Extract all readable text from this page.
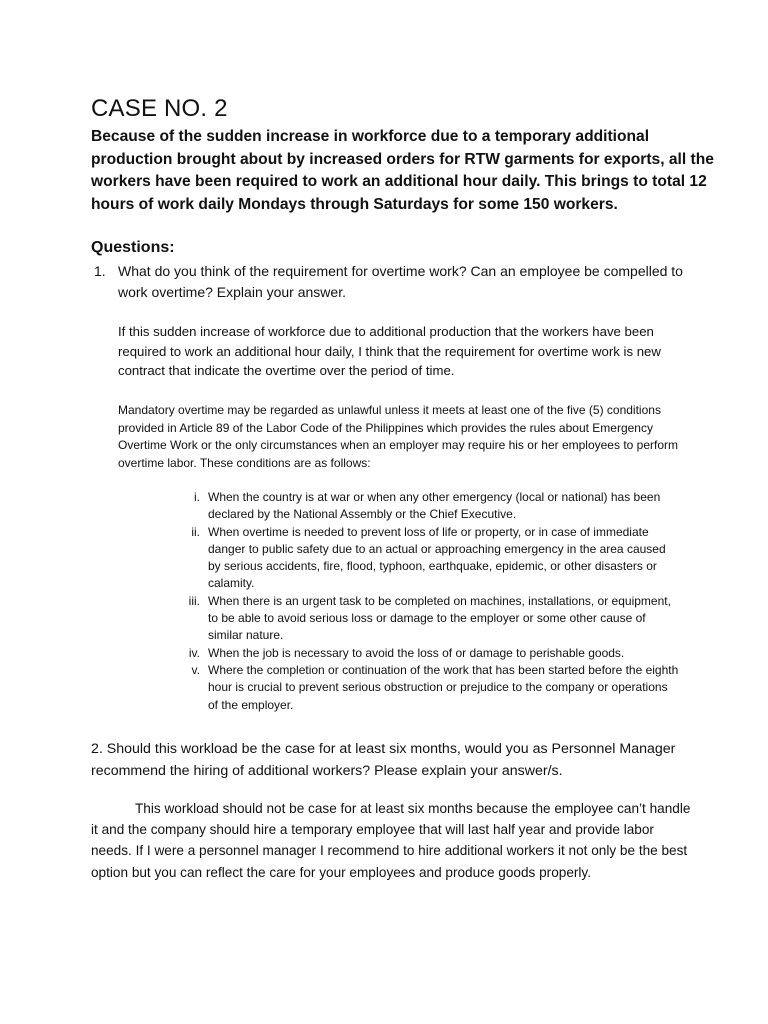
CASE NO. 2

Because of the sudden increase in workforce due to a temporary additional production brought about by increased orders for RTW garments for exports, all the workers have been required to work an additional hour daily. This brings to total 12 hours of work daily Mondays through Saturdays for some 150 workers.

Questions:
1. What do you think of the requirement for overtime work? Can an employee be compelled to work overtime? Explain your answer.

If this sudden increase of workforce due to additional production that the workers have been required to work an additional hour daily, I think that the requirement for overtime work is new contract that indicate the overtime over the period of time.

Mandatory overtime may be regarded as unlawful unless it meets at least one of the five (5) conditions provided in Article 89 of the Labor Code of the Philippines which provides the rules about Emergency Overtime Work or the only circumstances when an employer may require his or her employees to perform overtime labor. These conditions are as follows:

i. When the country is at war or when any other emergency (local or national) has been declared by the National Assembly or the Chief Executive.
ii. When overtime is needed to prevent loss of life or property, or in case of immediate danger to public safety due to an actual or approaching emergency in the area caused by serious accidents, fire, flood, typhoon, earthquake, epidemic, or other disasters or calamity.
iii. When there is an urgent task to be completed on machines, installations, or equipment, to be able to avoid serious loss or damage to the employer or some other cause of similar nature.
iv. When the job is necessary to avoid the loss of or damage to perishable goods.
v. Where the completion or continuation of the work that has been started before the eighth hour is crucial to prevent serious obstruction or prejudice to the company or operations of the employer.

2. Should this workload be the case for at least six months, would you as Personnel Manager recommend the hiring of additional workers? Please explain your answer/s.

This workload should not be case for at least six months because the employee can’t handle it and the company should hire a temporary employee that will last half year and provide labor needs. If I were a personnel manager I recommend to hire additional workers it not only be the best option but you can reflect the care for your employees and produce goods properly.
